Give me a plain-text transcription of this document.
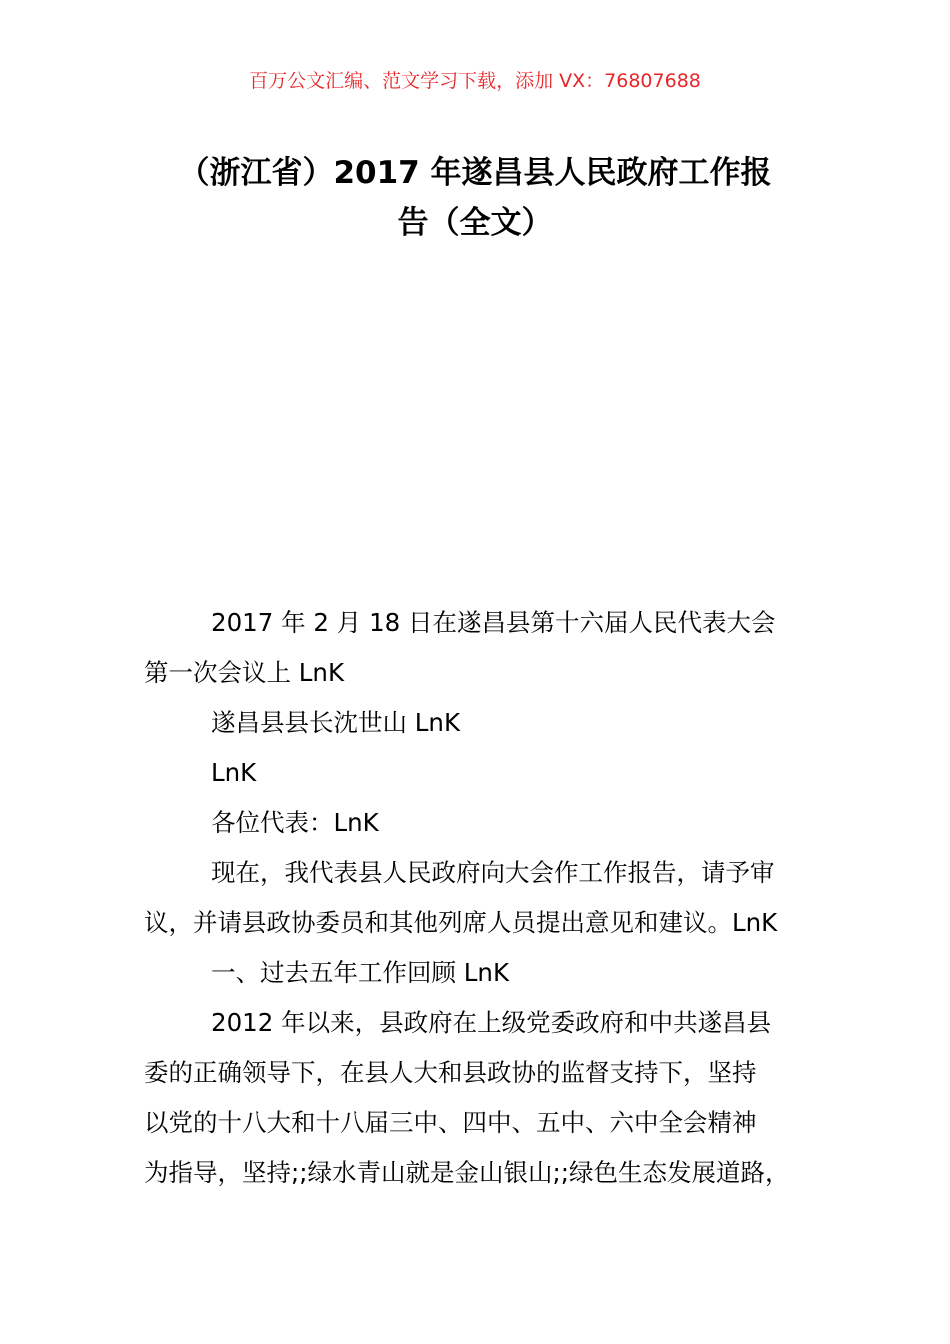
百万公文汇编、范文学习下载，添加 VX：76807688
（浙江省）2017 年遂昌县人民政府工作报
告（全文）

2017 年 2 月 18 日在遂昌县第十六届人民代表大会
第一次会议上 LnK

遂昌县县长沈世山 LnK

LnK

各位代表：LnK

现在，我代表县人民政府向大会作工作报告，请予审
议，并请县政协委员和其他列席人员提出意见和建议。LnK

一、过去五年工作回顾 LnK

2012 年以来，县政府在上级党委政府和中共遂昌县
委的正确领导下，在县人大和县政协的监督支持下，坚持
以党的十八大和十八届三中、四中、五中、六中全会精神
为指导，坚持;;绿水青山就是金山银山;;绿色生态发展道路，
